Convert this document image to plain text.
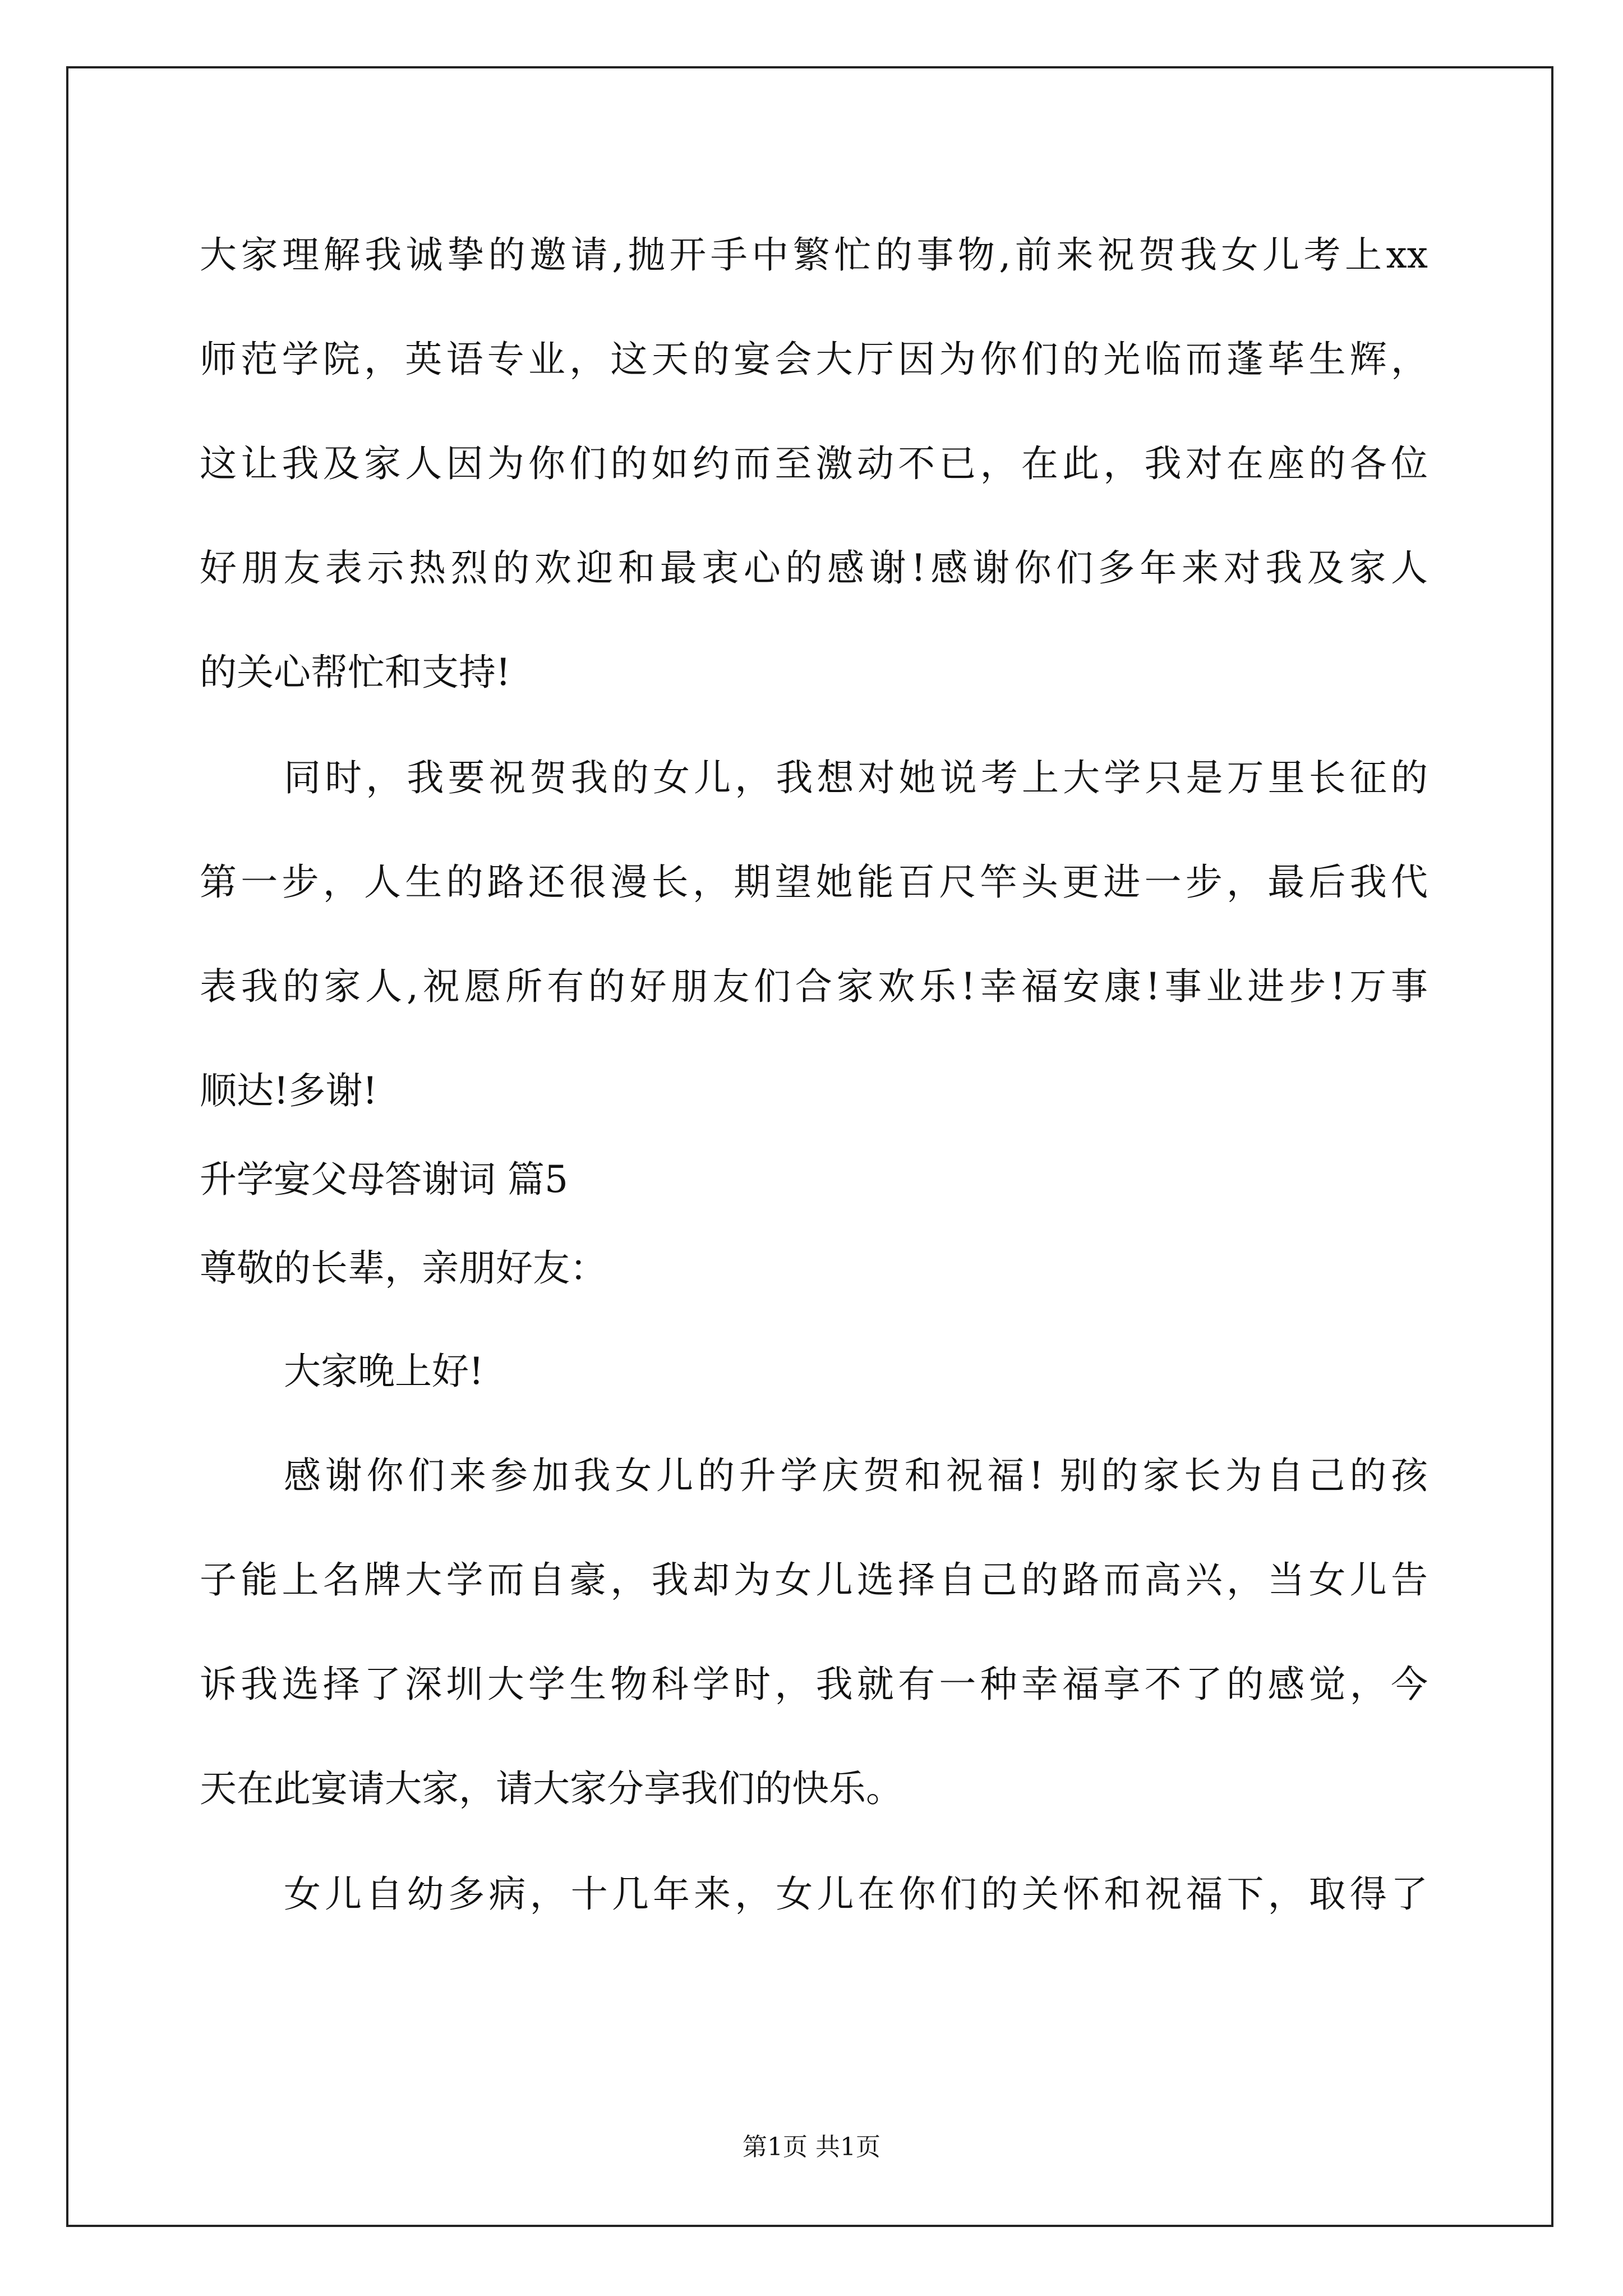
大家理解我诚挚的邀请,抛开手中繁忙的事物,前来祝贺我女儿考上xx
师范学院，英语专业，这天的宴会大厅因为你们的光临而蓬荜生辉，
这让我及家人因为你们的如约而至激动不已，在此，我对在座的各位
好朋友表示热烈的欢迎和最衷心的感谢!感谢你们多年来对我及家人
的关心帮忙和支持!
同时，我要祝贺我的女儿，我想对她说考上大学只是万里长征的
第一步，人生的路还很漫长，期望她能百尺竿头更进一步，最后我代
表我的家人,祝愿所有的好朋友们合家欢乐!幸福安康!事业进步!万事
顺达!多谢!
升学宴父母答谢词 篇5
尊敬的长辈，亲朋好友：
大家晚上好!
感谢你们来参加我女儿的升学庆贺和祝福! 别的家长为自己的孩
子能上名牌大学而自豪，我却为女儿选择自己的路而高兴，当女儿告
诉我选择了深圳大学生物科学时，我就有一种幸福享不了的感觉，今
天在此宴请大家，请大家分享我们的快乐。
女儿自幼多病，十几年来，女儿在你们的关怀和祝福下，取得了
第1页 共1页
